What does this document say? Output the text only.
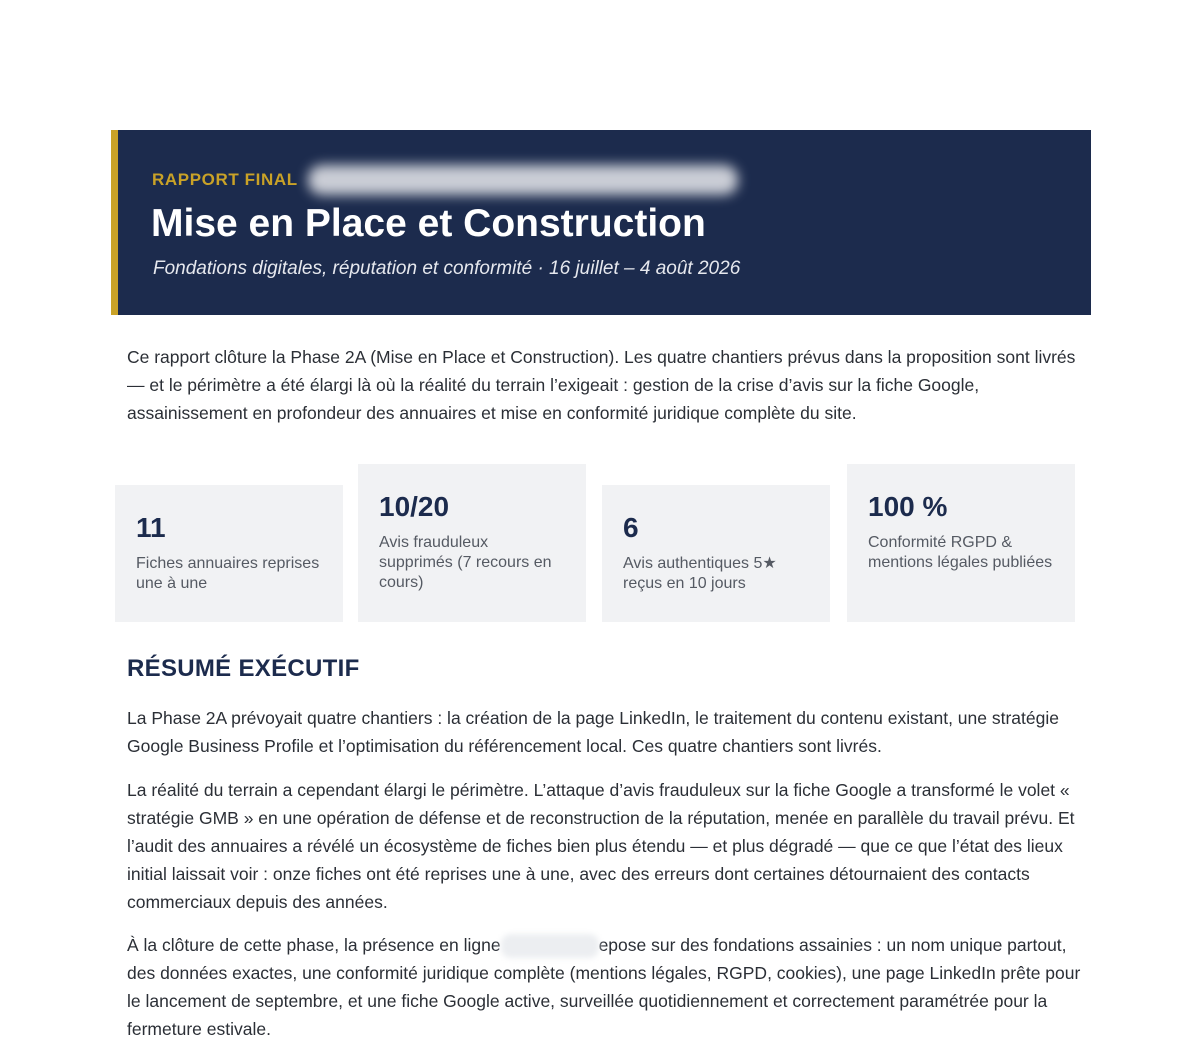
RAPPORT FINAL
Mise en Place et Construction
Fondations digitales, réputation et conformité · 16 juillet – 4 août 2026

Ce rapport clôture la Phase 2A (Mise en Place et Construction). Les quatre chantiers prévus dans la proposition sont livrés — et le périmètre a été élargi là où la réalité du terrain l’exigeait : gestion de la crise d’avis sur la fiche Google, assainissement en profondeur des annuaires et mise en conformité juridique complète du site.

11
Fiches annuaires reprises une à une
10/20
Avis frauduleux supprimés (7 recours en cours)
6
Avis authentiques 5★ reçus en 10 jours
100 %
Conformité RGPD & mentions légales publiées
RÉSUMÉ EXÉCUTIF

La Phase 2A prévoyait quatre chantiers : la création de la page LinkedIn, le traitement du contenu existant, une stratégie Google Business Profile et l’optimisation du référencement local. Ces quatre chantiers sont livrés.

La réalité du terrain a cependant élargi le périmètre. L’attaque d’avis frauduleux sur la fiche Google a transformé le volet « stratégie GMB » en une opération de défense et de reconstruction de la réputation, menée en parallèle du travail prévu. Et l’audit des annuaires a révélé un écosystème de fiches bien plus étendu — et plus dégradé — que ce que l’état des lieux initial laissait voir : onze fiches ont été reprises une à une, avec des erreurs dont certaines détournaient des contacts commerciaux depuis des années.

À la clôture de cette phase, la présence en ligne	epose sur des fondations assainies : un nom unique partout, des données exactes, une conformité juridique complète (mentions légales, RGPD, cookies), une page LinkedIn prête pour le lancement de septembre, et une fiche Google active, surveillée quotidiennement et correctement paramétrée pour la fermeture estivale.
